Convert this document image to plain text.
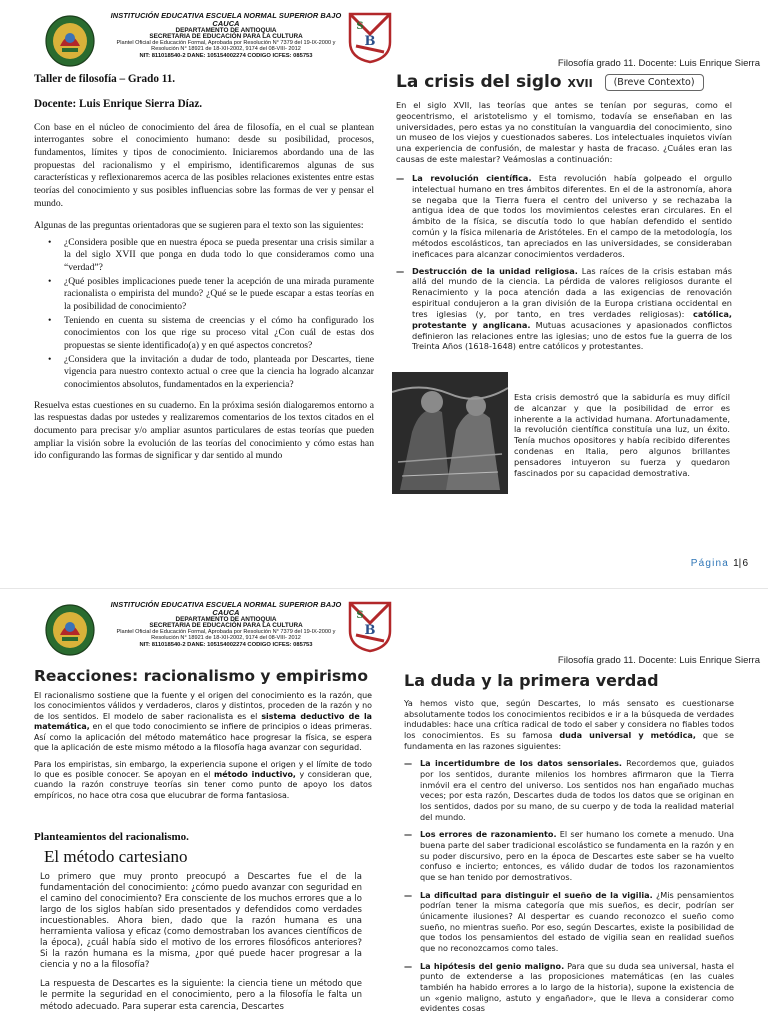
INSTITUCIÓN EDUCATIVA ESCUELA NORMAL SUPERIOR BAJO CAUCA
DEPARTAMENTO DE ANTIOQUIA
SECRETARIA DE EDUCACIÓN PARA LA CULTURA
Plantel Oficial de Educación Formal, Aprobada por Resolución N° 7379 del 19-IX-2000 y
Resolución N° 18921 de 18-XII-2002, 9174 del 08-VIII- 2012
NIT: 811018540-2 DANE: 105154002274 CODIGO ICFES: 085753
B
S
Filosofía grado 11. Docente: Luis Enrique Sierra
Taller de filosofía – Grado 11.
Docente: Luis Enrique Sierra Díaz.

Con base en el núcleo de conocimiento del área de filosofía, en el cual se plantean interrogantes sobre el conocimiento humano: desde su posibilidad, procesos, fundamentos, límites y tipos de conocimiento. Iniciaremos abordando una de las propuestas del racionalismo y el empirismo, identificaremos algunas de sus características y reflexionaremos acerca de las posibles relaciones existentes entre estas teorías del conocimiento y sus posibles influencias sobre las formas de ver y pensar el mundo.

Algunas de las preguntas orientadoras que se sugieren para el texto son las siguientes:

• ¿Considera posible que en nuestra época se pueda presentar una crisis similar a la del siglo XVII que ponga en duda todo lo que consideramos como una “verdad”?
• ¿Qué posibles implicaciones puede tener la acepción de una mirada puramente racionalista o empirista del mundo? ¿Qué se le puede escapar a estas teorías en la posibilidad de conocimiento?
• Teniendo en cuenta su sistema de creencias y el cómo ha configurado los conocimientos con los que rige su proceso vital ¿Con cuál de estas dos propuestas se siente identificado(a) y en qué aspectos concretos?
• ¿Considera que la invitación a dudar de todo, planteada por Descartes, tiene vigencia para nuestro contexto actual o cree que la ciencia ha logrado alcanzar conocimientos absolutos, fundamentados en la experiencia?

Resuelva estas cuestiones en su cuaderno. En la próxima sesión dialogaremos entorno a las respuestas dadas por ustedes y realizaremos comentarios de los textos citados en el documento para precisar y/o ampliar asuntos particulares de estas teorías que pueden ampliar la visión sobre la evolución de las teorías del conocimiento y cómo estas han ido configurando las formas de significar y dar sentido al mundo

La crisis del siglo XVII (Breve Contexto)

En el siglo XVII, las teorías que antes se tenían por seguras, como el geocentrismo, el aristotelismo y el tomismo, todavía se enseñaban en las universidades, pero estas ya no constituían la vanguardia del conocimiento, sino un museo de los viejos y cuestionados saberes. Los intelectuales inquietos vivían una experiencia de confusión, de malestar y hasta de fracaso. ¿Cuáles eran las causas de este malestar? Veámoslas a continuación:

— La revolución científica. Esta revolución había golpeado el orgullo intelectual humano en tres ámbitos diferentes. En el de la astronomía, ahora se negaba que la Tierra fuera el centro del universo y se rechazaba la antigua idea de que todos los movimientos celestes eran circulares. En el ámbito de la física, se discutía todo lo que habían defendido el sentido común y la física milenaria de Aristóteles. En el campo de la metodología, los métodos escolásticos, tan apreciados en las universidades, se consideraban ineficaces para alcanzar conocimientos verdaderos.
— Destrucción de la unidad religiosa. Las raíces de la crisis estaban más allá del mundo de la ciencia. La pérdida de valores religiosos durante el Renacimiento y la poca atención dada a las exigencias de renovación espiritual condujeron a la gran división de la Europa cristiana occidental en tres iglesias (y, por tanto, en tres verdades religiosas): católica, protestante y anglicana. Mutuas acusaciones y apasionados conflictos definieron las relaciones entre las iglesias; uno de estos fue la guerra de los Treinta Años (1618-1648) entre católicos y protestantes.

Esta crisis demostró que la sabiduría es muy difícil de alcanzar y que la posibilidad de error es inherente a la actividad humana. Afortunadamente, la revolución científica constituía una luz, un éxito. Tenía muchos opositores y había recibido diferentes condenas en Italia, pero algunos brillantes pensadores intuyeron su fuerza y quedaron fascinados por su capacidad demostrativa.

Página 1|6
INSTITUCIÓN EDUCATIVA ESCUELA NORMAL SUPERIOR BAJO CAUCA
DEPARTAMENTO DE ANTIOQUIA
SECRETARIA DE EDUCACIÓN PARA LA CULTURA
Plantel Oficial de Educación Formal, Aprobada por Resolución N° 7379 del 19-IX-2000 y
Resolución N° 18921 de 18-XII-2002, 9174 del 08-VIII- 2012
NIT: 811018540-2 DANE: 105154002274 CODIGO ICFES: 085753
B
S
Filosofía grado 11. Docente: Luis Enrique Sierra
Reacciones: racionalismo y empirismo

El racionalismo sostiene que la fuente y el origen del conocimiento es la razón, que los conocimientos válidos y verdaderos, claros y distintos, proceden de la razón y no de los sentidos. El modelo de saber racionalista es el sistema deductivo de la matemática, en el que todo conocimiento se infiere de principios o ideas primeras. Así como la aplicación del método matemático hace progresar la física, se espera que la aplicación de este mismo método a la filosofía haga avanzar con seguridad.

Para los empiristas, sin embargo, la experiencia supone el origen y el límite de todo lo que es posible conocer. Se apoyan en el método inductivo, y consideran que, cuando la razón construye teorías sin tener como punto de apoyo los datos empíricos, no hace otra cosa que elucubrar de forma fantasiosa.

Planteamientos del racionalismo.
El método cartesiano

Lo primero que muy pronto preocupó a Descartes fue el de la fundamentación del conocimiento: ¿cómo puedo avanzar con seguridad en el camino del conocimiento? Era consciente de los muchos errores que a lo largo de los siglos habían sido presentados y defendidos como verdades incuestionables. Ahora bien, dado que la razón humana es una herramienta valiosa y eficaz (como demostraban los avances científicos de la época), ¿cuál había sido el motivo de los errores filosóficos anteriores? Si la razón humana es la misma, ¿por qué puede hacer progresar a la ciencia y no a la filosofía?

La respuesta de Descartes es la siguiente: la ciencia tiene un método que le permite la seguridad en el conocimiento, pero a la filosofía le falta un método adecuado. Para superar esta carencia, Descartes

La duda y la primera verdad

Ya hemos visto que, según Descartes, lo más sensato es cuestionarse absolutamente todos los conocimientos recibidos e ir a la búsqueda de verdades indudables: hace una crítica radical de todo el saber y considera no fiables todos los conocimientos. Es su famosa duda universal y metódica, que se fundamenta en las razones siguientes:

— La incertidumbre de los datos sensoriales. Recordemos que, guiados por los sentidos, durante milenios los hombres afirmaron que la Tierra inmóvil era el centro del universo. Los sentidos nos han engañado muchas veces; por esta razón, Descartes duda de todos los datos que se originan en los sentidos, dados por su mano, de su cuerpo y de toda la realidad material del mundo.
— Los errores de razonamiento. El ser humano los comete a menudo. Una buena parte del saber tradicional escolástico se fundamenta en la razón y en su poder discursivo, pero en la época de Descartes este saber se ha vuelto confuso e incierto; entonces, es válido dudar de todos los razonamientos que se han tenido por demostrativos.
— La dificultad para distinguir el sueño de la vigilia. ¿Mis pensamientos podrían tener la misma categoría que mis sueños, es decir, podrían ser únicamente ilusiones? Al despertar es cuando reconozco el sueño como sueño, no mientras sueño. Por eso, según Descartes, existe la posibilidad de que todos los pensamientos del estado de vigilia sean en realidad sueños que no reconozcamos como tales.
— La hipótesis del genio maligno. Para que su duda sea universal, hasta el punto de extenderse a las proposiciones matemáticas (en las cuales también ha habido errores a lo largo de la historia), supone la existencia de un «genio maligno, astuto y engañador», que le lleva a considerar como evidentes cosas
